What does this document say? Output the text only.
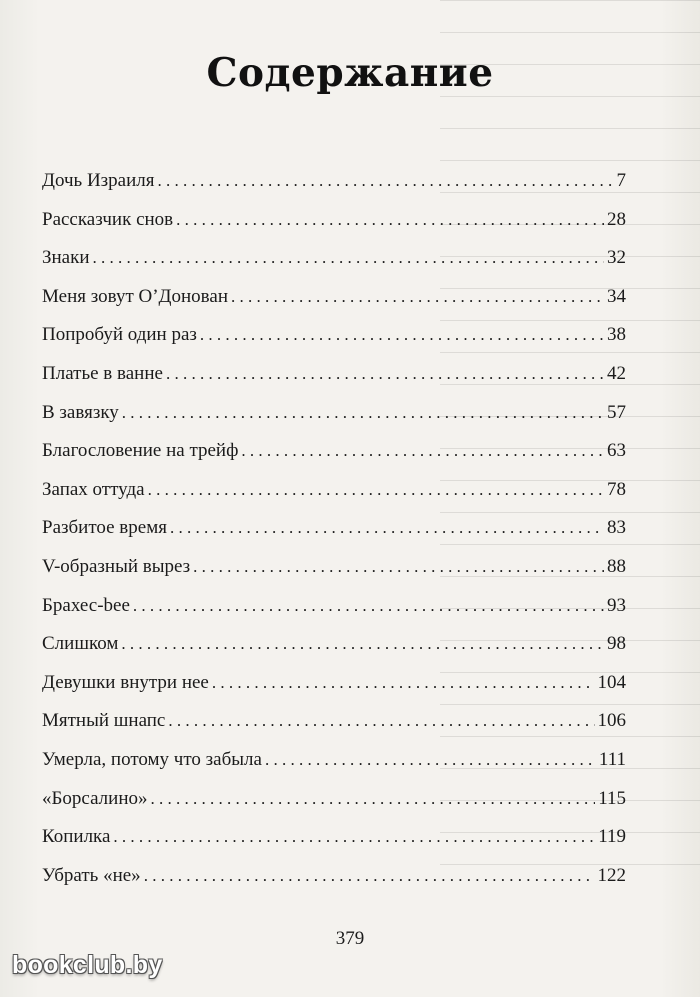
Содержание
Дочь Израиля . . .	7
Рассказчик снов . . .	28
Знаки . . .	32
Меня зовут О’Донован . . .	34
Попробуй один раз . . .	38
Платье в ванне . . .	42
В завязку . . .	57
Благословение на трейф . . .	63
Запах оттуда . . .	78
Разбитое время . . .	83
V-образный вырез . . .	88
Брахес-bee . . .	93
Слишком . . .	98
Девушки внутри нее . . .	104
Мятный шнапс . . .	106
Умерла, потому что забыла . . .	111
«Борсалино» . . .	115
Копилка . . .	119
Убрать «не» . . .	122
379
bookclub.by
